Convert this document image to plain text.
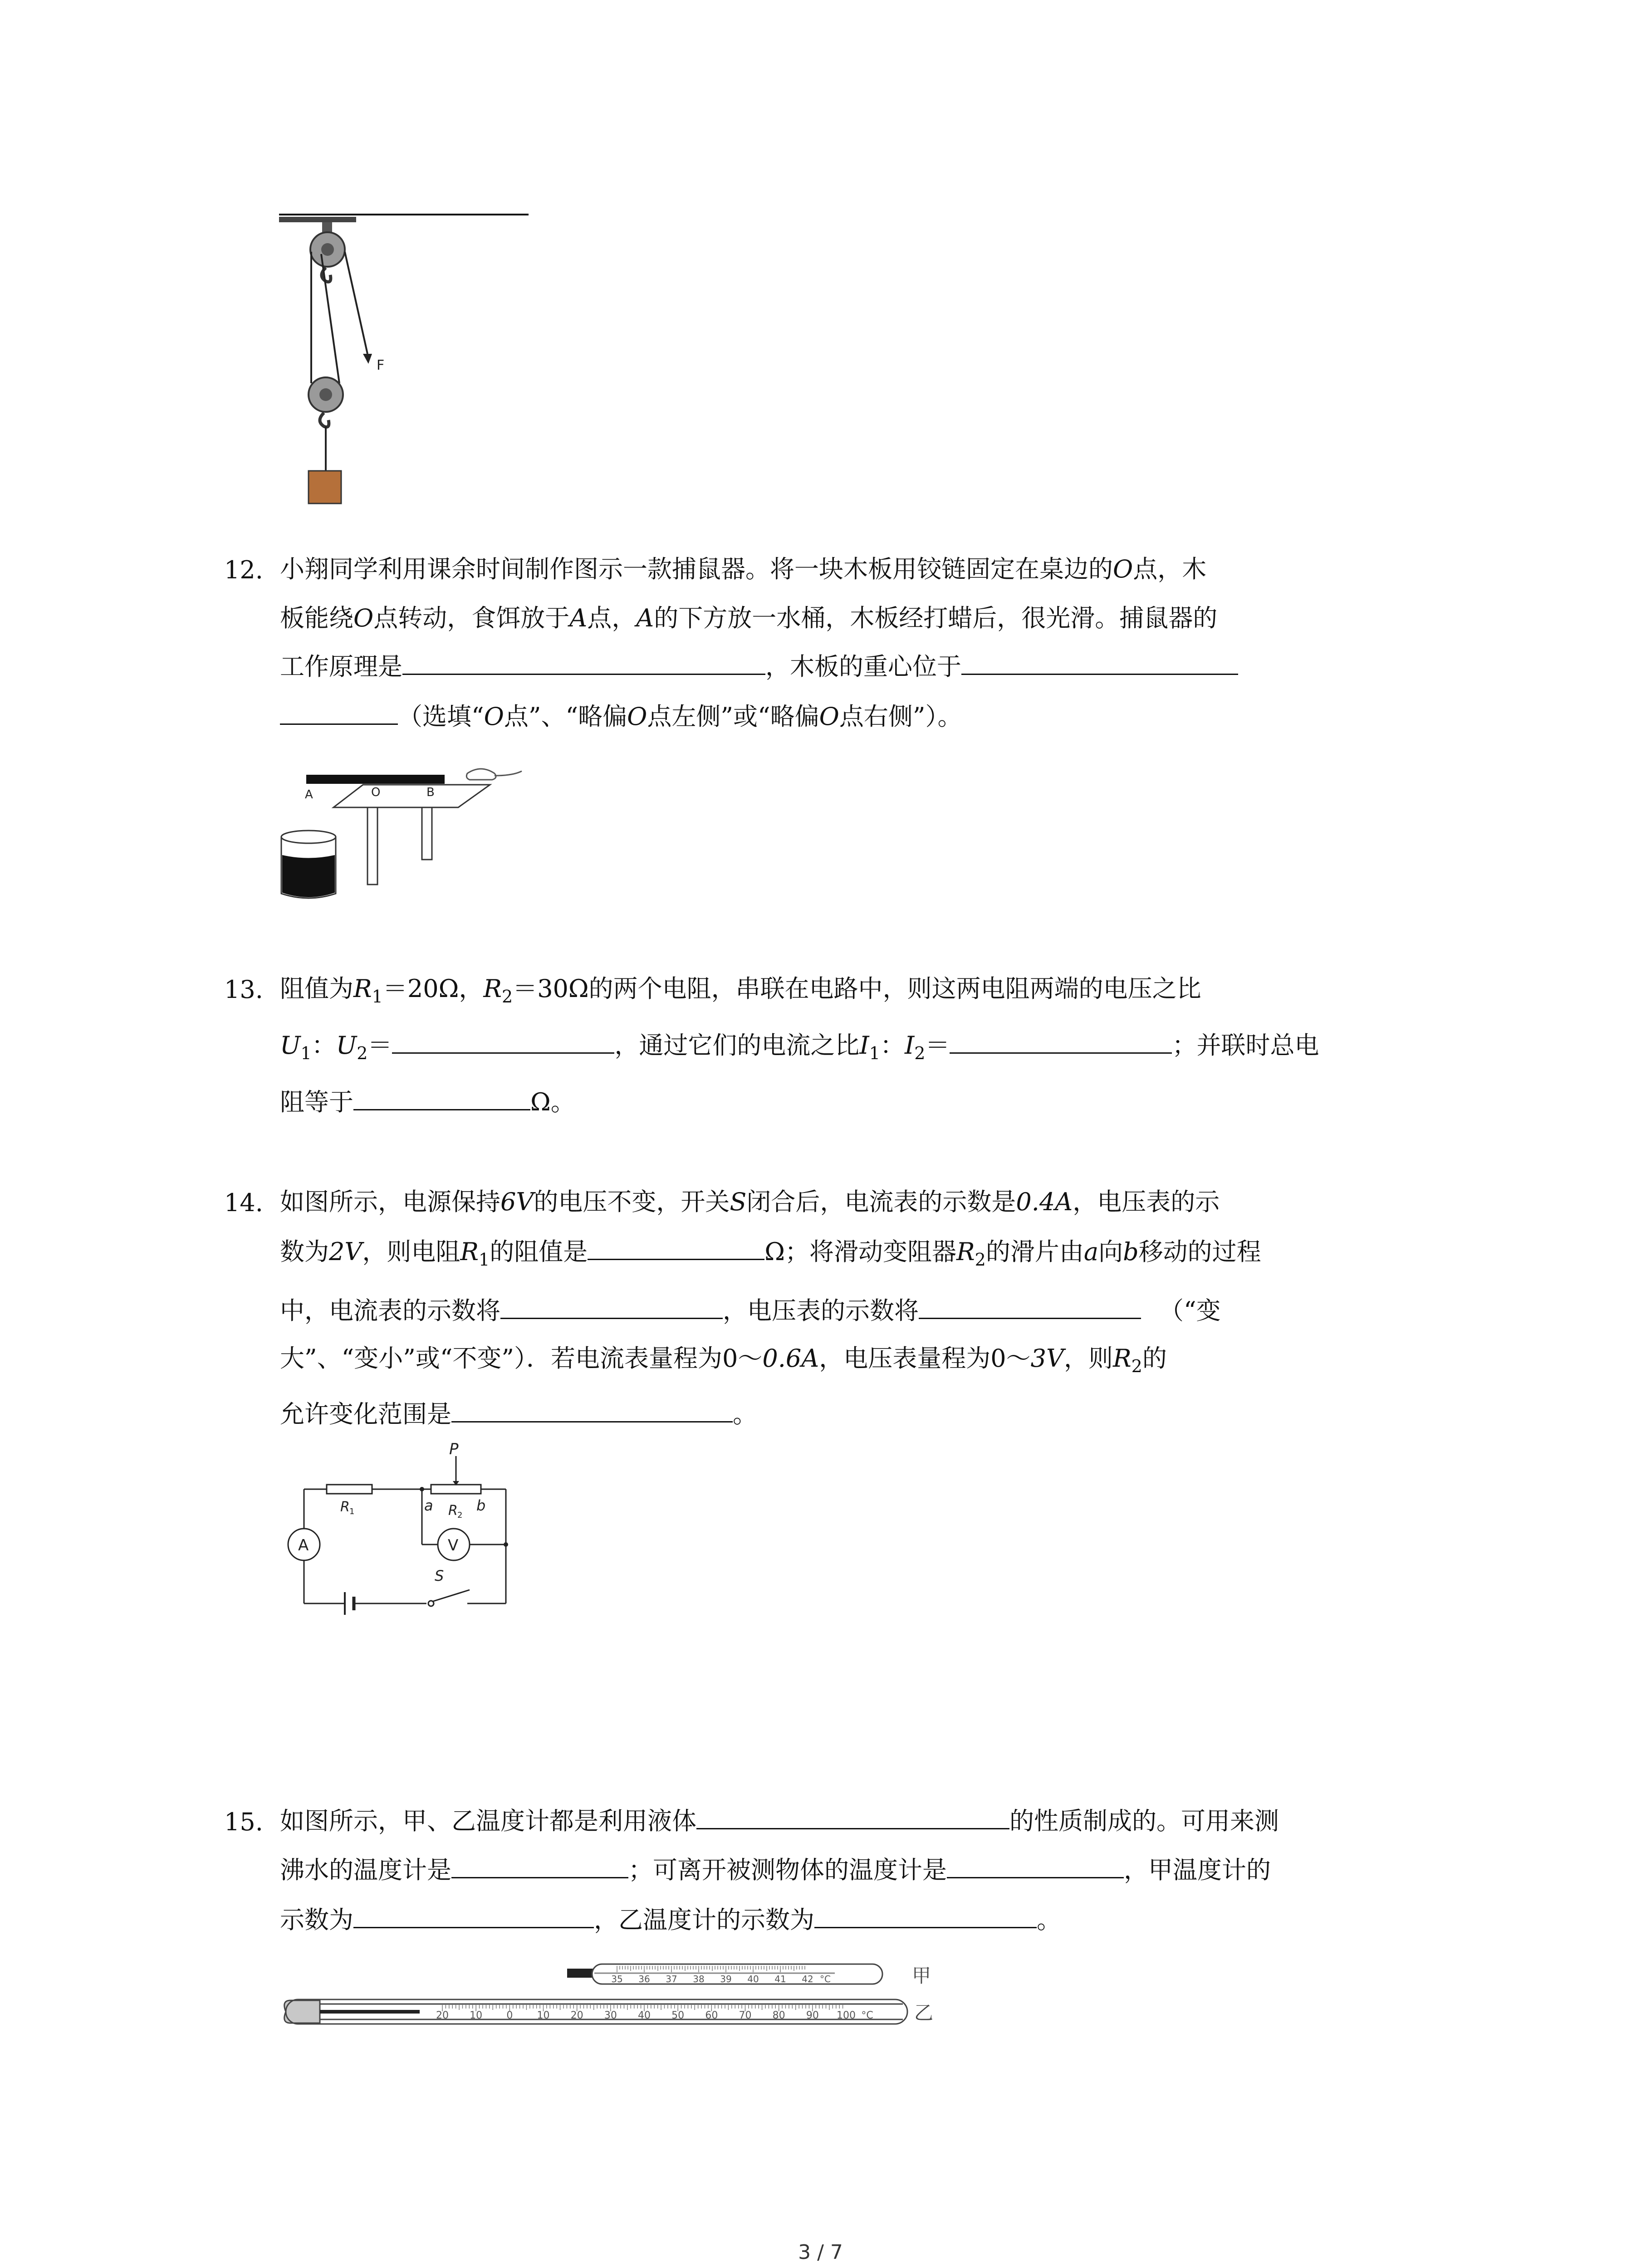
F
12. 小翔同学利用课余时间制作图示一款捕鼠器。将一块木板用铰链固定在桌边的O点，木
板能绕O点转动，食饵放于A点，A的下方放一水桶，木板经打蜡后，很光滑。捕鼠器的
工作原理是	，木板的重心位于
（选填“O点”、“略偏O点左侧”或“略偏O点右侧”）。
A	O	B
13. 阻值为$R_1=20\Omega$，$R_2=30\Omega$的两个电阻，串联在电路中，则这两电阻两端的电压之比
$U_1$：$U_2=$	，通过它们的电流之比$I_1$：$I_2=$	；并联时总电
阻等于	Ω。
14. 如图所示，电源保持6V的电压不变，开关S闭合后，电流表的示数是0.4A，电压表的示
数为2V，则电阻$R_1$的阻值是	Ω；将滑动变阻器$R_2$的滑片由a向b移动的过程
中，电流表的示数将	，电压表的示数将	（“变
大”、“变小”或“不变”）．若电流表量程为0～0.6A，电压表量程为0～3V，则$R_2$的
允许变化范围是	。
P
R 1	a R 2
b
A	V
S
15. 如图所示，甲、乙温度计都是利用液体	的性质制成的。可用来测
沸水的温度计是	；可离开被测物体的温度计是	，甲温度计的
示数为	，乙温度计的示数为	。
35 36 37 38 39 40 41 42 °C	甲
20 10 0 10 20 30 40 50 60 70 80 90 100 °C 乙
3 / 7
